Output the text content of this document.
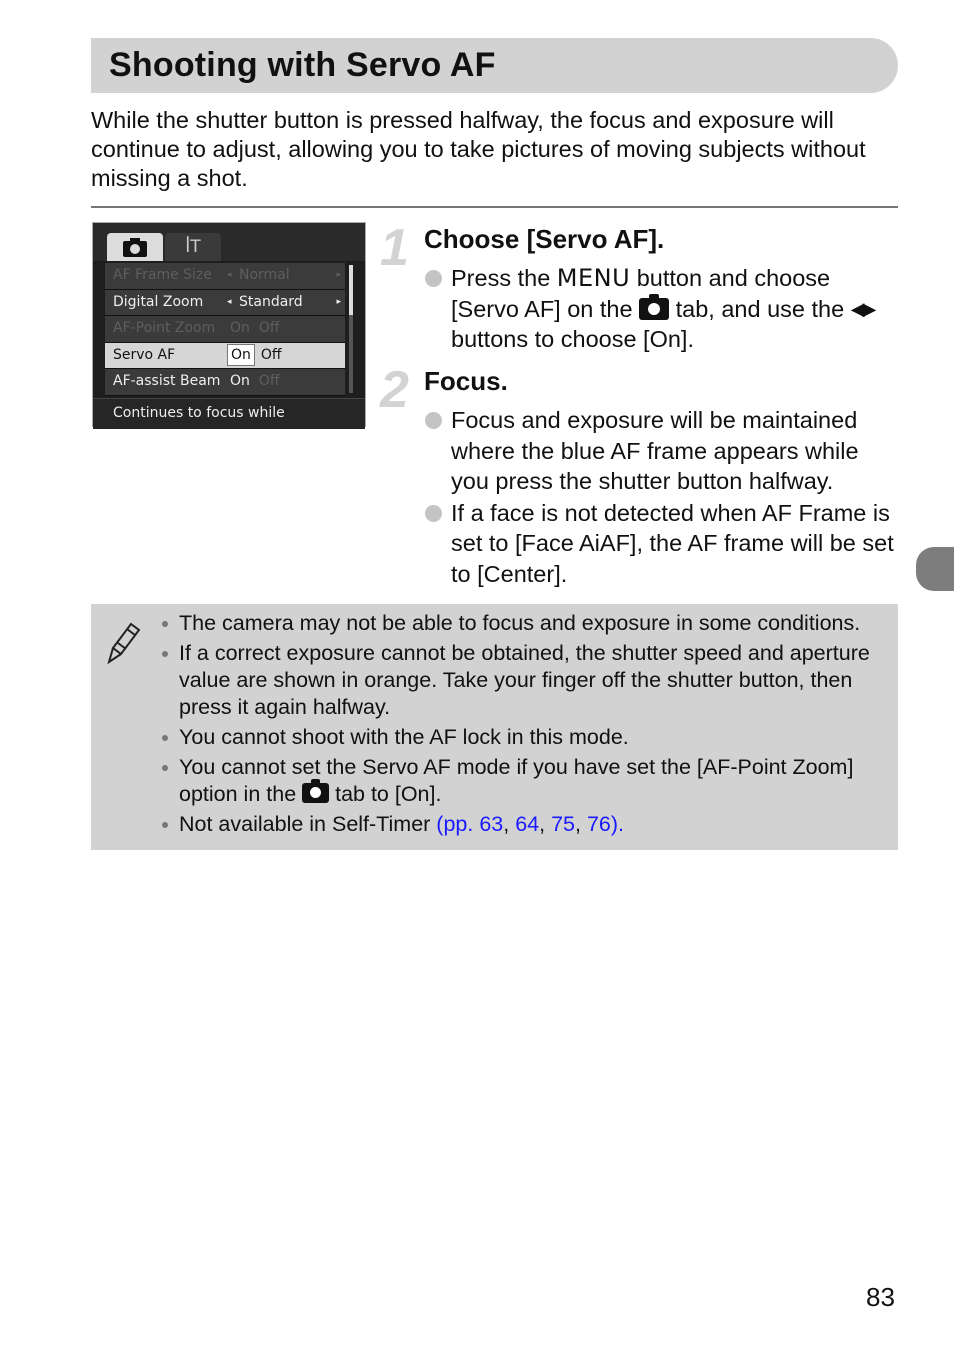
Shooting with Servo AF

While the shutter button is pressed halfway, the focus and exposure will continue to adjust, allowing you to take pictures of moving subjects without missing a shot.

ꟾT
AF Frame Size ◂ Normal	▸
Digital Zoom	◂ Standard	▸
AF-Point Zoom On Off
Servo AF	On Off
AF-assist Beam On Off
Continues to focus while
1 Choose [Servo AF].

Press the MENU button and choose [Servo AF] on the  tab, and use the ◀▶ buttons to choose [On].

2 Focus.

Focus and exposure will be maintained where the blue AF frame appears while you press the shutter button halfway.

If a face is not detected when AF Frame is set to [Face AiAF], the AF frame will be set to [Center].

The camera may not be able to focus and exposure in some conditions.
If a correct exposure cannot be obtained, the shutter speed and aperture value are shown in orange. Take your finger off the shutter button, then press it again halfway.
You cannot shoot with the AF lock in this mode.
You cannot set the Servo AF mode if you have set the [AF-Point Zoom] option in the  tab to [On].
Not available in Self-Timer (pp. 63, 64, 75, 76).
83
